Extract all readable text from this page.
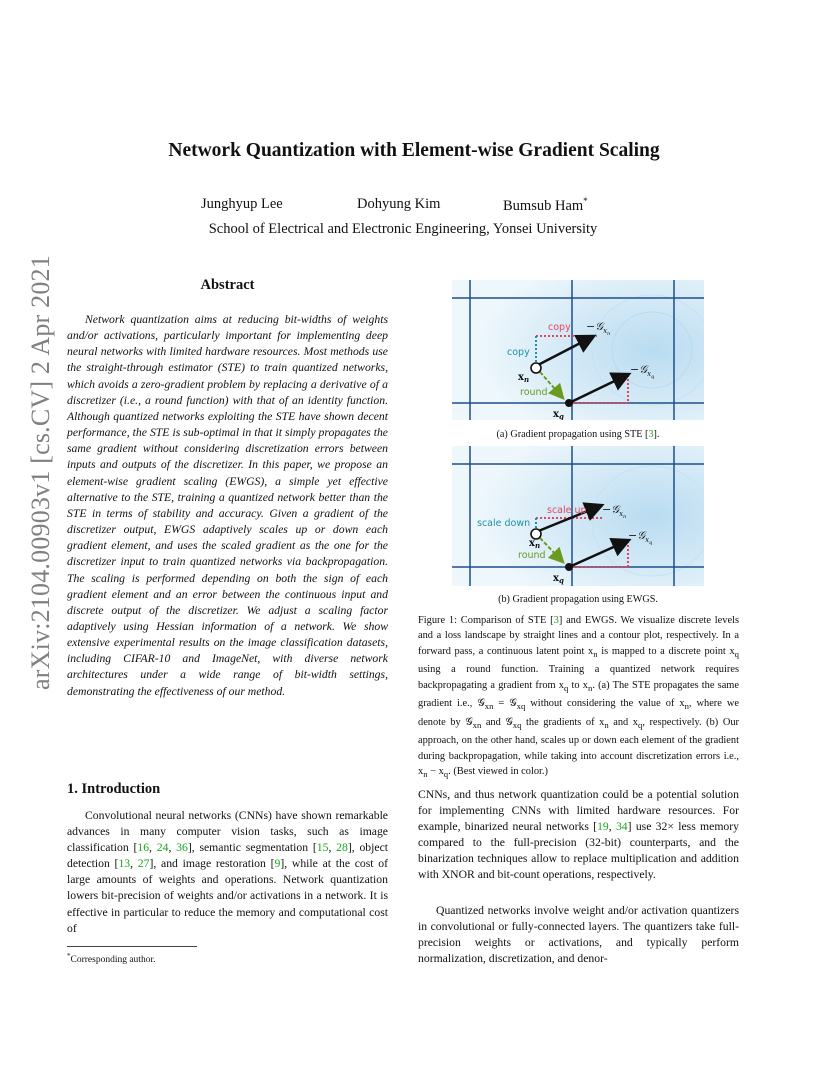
arXiv:2104.00903v1 [cs.CV] 2 Apr 2021
Network Quantization with Element-wise Gradient Scaling
Junghyup Lee	Dohyung Kim	Bumsub Ham*
School of Electrical and Electronic Engineering, Yonsei University
Abstract

Network quantization aims at reducing bit-widths of weights and/or activations, particularly important for implementing deep neural networks with limited hardware resources. Most methods use the straight-through estimator (STE) to train quantized networks, which avoids a zero-gradient problem by replacing a derivative of a discretizer (i.e., a round function) with that of an identity function. Although quantized networks exploiting the STE have shown decent performance, the STE is sub-optimal in that it simply propagates the same gradient without considering discretization errors between inputs and outputs of the discretizer. In this paper, we propose an element-wise gradient scaling (EWGS), a simple yet effective alternative to the STE, training a quantized network better than the STE in terms of stability and accuracy. Given a gradient of the discretizer output, EWGS adaptively scales up or down each gradient element, and uses the scaled gradient as the one for the discretizer input to train quantized networks via backpropagation. The scaling is performed depending on both the sign of each gradient element and an error between the continuous input and discrete output of the discretizer. We adjust a scaling factor adaptively using Hessian information of a network. We show extensive experimental results on the image classification datasets, including CIFAR-10 and ImageNet, with diverse network architectures under a wide range of bit-width settings, demonstrating the effectiveness of our method.

1. Introduction

Convolutional neural networks (CNNs) have shown remarkable advances in many computer vision tasks, such as image classification [16, 24, 36], semantic segmentation [15, 28], object detection [13, 27], and image restoration [9], while at the cost of large amounts of weights and operations. Network quantization lowers bit-precision of weights and/or activations in a network. It is effective in particular to reduce the memory and computational cost of

*Corresponding author.
copy
copy
round
−𝒢$_x$n
−𝒢$_x$q
$x_n$
$x_q$
(a) Gradient propagation using STE [3].
scale up
scale down
round
−𝒢$_x$n
−𝒢$_x$q
$x_n$
$x_q$
(b) Gradient propagation using EWGS.

Figure 1: Comparison of STE [3] and EWGS. We visualize discrete levels and a loss landscape by straight lines and a contour plot, respectively. In a forward pass, a continuous latent point $x_n$ is mapped to a discrete point $x_q$ using a round function. Training a quantized network requires backpropagating a gradient from $x_q$ to $x_n$. (a) The STE propagates the same gradient i.e., 𝒢$_{xn}$ = 𝒢$_{xq}$ without considering the value of $x_n$, where we denote by 𝒢$_{xn}$ and 𝒢$_{xq}$ the gradients of $x_n$ and $x_q$, respectively. (b) Our approach, on the other hand, scales up or down each element of the gradient during backpropagation, while taking into account discretization errors i.e., $x_n - x_q$. (Best viewed in color.)

CNNs, and thus network quantization could be a potential solution for implementing CNNs with limited hardware resources. For example, binarized neural networks [19, 34] use 32× less memory compared to the full-precision (32-bit) counterparts, and the binarization techniques allow to replace multiplication and addition with XNOR and bit-count operations, respectively.

Quantized networks involve weight and/or activation quantizers in convolutional or fully-connected layers. The quantizers take full-precision weights or activations, and typically perform normalization, discretization, and denor-
